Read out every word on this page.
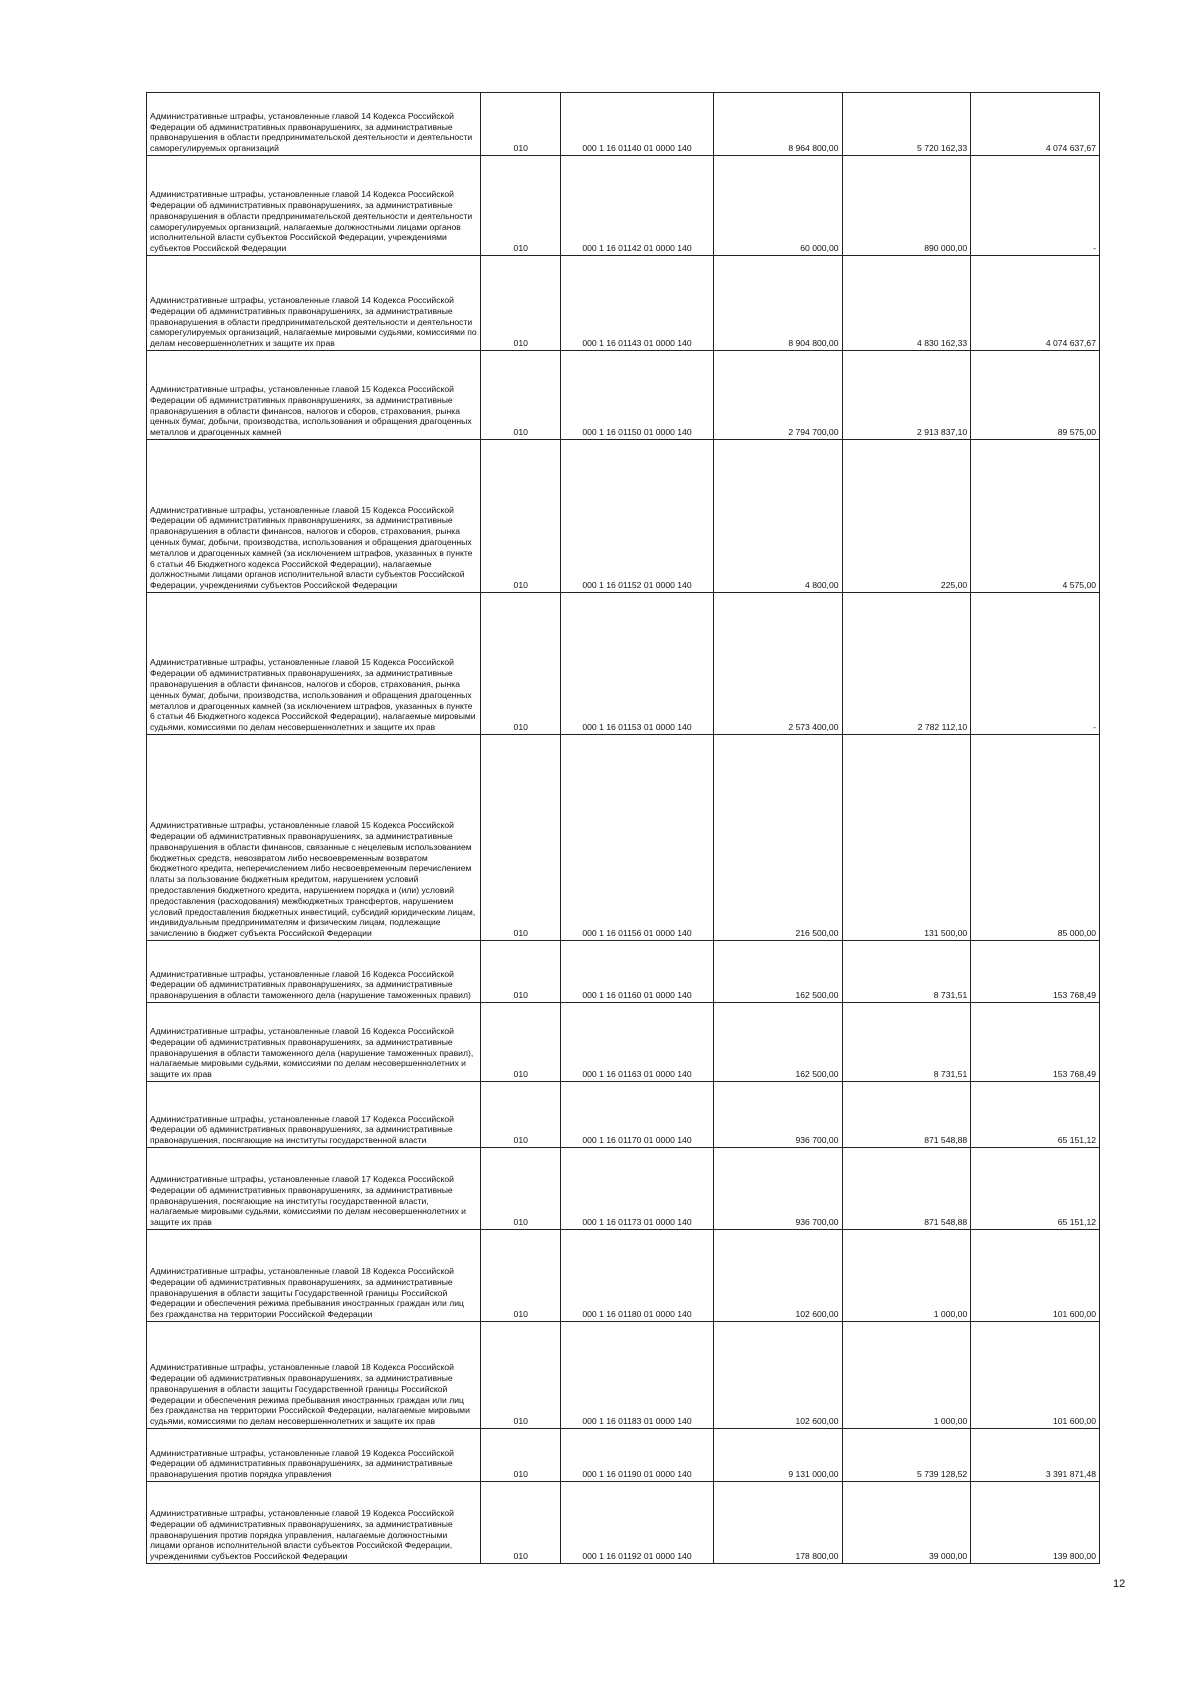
Административные штрафы, установленные главой 14 Кодекса Российской Федерации об административных правонарушениях, за административные правонарушения в области предпринимательской деятельности и деятельности саморегулируемых организаций	010	000 1 16 01140 01 0000 140	8 964 800,00	5 720 162,33	4 074 637,67

Административные штрафы, установленные главой 14 Кодекса Российской Федерации об административных правонарушениях, за административные правонарушения в области предпринимательской деятельности и деятельности саморегулируемых организаций, налагаемые должностными лицами органов исполнительной власти субъектов Российской Федерации, учреждениями субъектов Российской Федерации	010	000 1 16 01142 01 0000 140	60 000,00	890 000,00	-

Административные штрафы, установленные главой 14 Кодекса Российской Федерации об административных правонарушениях, за административные правонарушения в области предпринимательской деятельности и деятельности саморегулируемых организаций, налагаемые мировыми судьями, комиссиями по делам несовершеннолетних и защите их прав	010	000 1 16 01143 01 0000 140	8 904 800,00	4 830 162,33	4 074 637,67

Административные штрафы, установленные главой 15 Кодекса Российской Федерации об административных правонарушениях, за административные правонарушения в области финансов, налогов и сборов, страхования, рынка ценных бумаг, добычи, производства, использования и обращения драгоценных металлов и драгоценных камней	010	000 1 16 01150 01 0000 140	2 794 700,00	2 913 837,10	89 575,00

Административные штрафы, установленные главой 15 Кодекса Российской Федерации об административных правонарушениях, за административные правонарушения в области финансов, налогов и сборов, страхования, рынка ценных бумаг, добычи, производства, использования и обращения драгоценных металлов и драгоценных камней (за исключением штрафов, указанных в пункте 6 статьи 46 Бюджетного кодекса Российской Федерации), налагаемые должностными лицами органов исполнительной власти субъектов Российской Федерации, учреждениями субъектов Российской Федерации	010	000 1 16 01152 01 0000 140	4 800,00	225,00	4 575,00

Административные штрафы, установленные главой 15 Кодекса Российской Федерации об административных правонарушениях, за административные правонарушения в области финансов, налогов и сборов, страхования, рынка ценных бумаг, добычи, производства, использования и обращения драгоценных металлов и драгоценных камней (за исключением штрафов, указанных в пункте 6 статьи 46 Бюджетного кодекса Российской Федерации), налагаемые мировыми судьями, комиссиями по делам несовершеннолетних и защите их прав	010	000 1 16 01153 01 0000 140	2 573 400,00	2 782 112,10	-

Административные штрафы, установленные главой 15 Кодекса Российской Федерации об административных правонарушениях, за административные правонарушения в области финансов, связанные с нецелевым использованием бюджетных средств, невозвратом либо несвоевременным возвратом бюджетного кредита, неперечислением либо несвоевременным перечислением платы за пользование бюджетным кредитом, нарушением условий предоставления бюджетного кредита, нарушением порядка и (или) условий предоставления (расходования) межбюджетных трансфертов, нарушением условий предоставления бюджетных инвестиций, субсидий юридическим лицам, индивидуальным предпринимателям и физическим лицам, подлежащие зачислению в бюджет субъекта Российской Федерации	010	000 1 16 01156 01 0000 140	216 500,00	131 500,00	85 000,00

Административные штрафы, установленные главой 16 Кодекса Российской Федерации об административных правонарушениях, за административные правонарушения в области таможенного дела (нарушение таможенных правил)	010	000 1 16 01160 01 0000 140	162 500,00	8 731,51	153 768,49

Административные штрафы, установленные главой 16 Кодекса Российской Федерации об административных правонарушениях, за административные правонарушения в области таможенного дела (нарушение таможенных правил), налагаемые мировыми судьями, комиссиями по делам несовершеннолетних и защите их прав	010	000 1 16 01163 01 0000 140	162 500,00	8 731,51	153 768,49

Административные штрафы, установленные главой 17 Кодекса Российской Федерации об административных правонарушениях, за административные правонарушения, посягающие на институты государственной власти	010	000 1 16 01170 01 0000 140	936 700,00	871 548,88	65 151,12

Административные штрафы, установленные главой 17 Кодекса Российской Федерации об административных правонарушениях, за административные правонарушения, посягающие на институты государственной власти, налагаемые мировыми судьями, комиссиями по делам несовершеннолетних и защите их прав	010	000 1 16 01173 01 0000 140	936 700,00	871 548,88	65 151,12

Административные штрафы, установленные главой 18 Кодекса Российской Федерации об административных правонарушениях, за административные правонарушения в области защиты Государственной границы Российской Федерации и обеспечения режима пребывания иностранных граждан или лиц без гражданства на территории Российской Федерации	010	000 1 16 01180 01 0000 140	102 600,00	1 000,00	101 600,00

Административные штрафы, установленные главой 18 Кодекса Российской Федерации об административных правонарушениях, за административные правонарушения в области защиты Государственной границы Российской Федерации и обеспечения режима пребывания иностранных граждан или лиц без гражданства на территории Российской Федерации, налагаемые мировыми судьями, комиссиями по делам несовершеннолетних и защите их прав	010	000 1 16 01183 01 0000 140	102 600,00	1 000,00	101 600,00

Административные штрафы, установленные главой 19 Кодекса Российской Федерации об административных правонарушениях, за административные правонарушения против порядка управления	010	000 1 16 01190 01 0000 140	9 131 000,00	5 739 128,52	3 391 871,48

Административные штрафы, установленные главой 19 Кодекса Российской Федерации об административных правонарушениях, за административные правонарушения против порядка управления, налагаемые должностными лицами органов исполнительной власти субъектов Российской Федерации, учреждениями субъектов Российской Федерации	010	000 1 16 01192 01 0000 140	178 800,00	39 000,00	139 800,00
12
